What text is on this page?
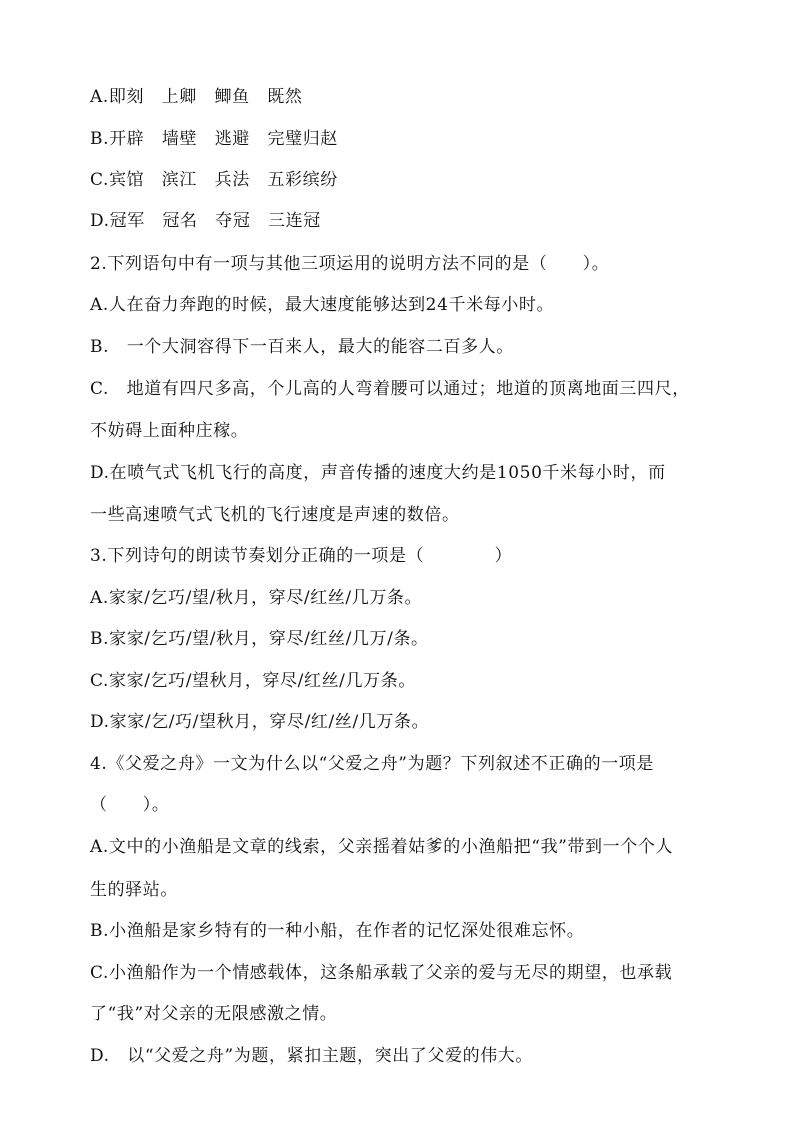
A.即刻　上卿　鲫鱼　既然
B.开辟　墙壁　逃避　完璧归赵
C.宾馆　滨江　兵法　五彩缤纷
D.冠军　冠名　夺冠　三连冠
2.下列语句中有一项与其他三项运用的说明方法不同的是（　　）。
A.人在奋力奔跑的时候，最大速度能够达到24千米每小时。
B.　一个大洞容得下一百来人，最大的能容二百多人。
C.　地道有四尺多高，个儿高的人弯着腰可以通过；地道的顶离地面三四尺，
不妨碍上面种庄稼。
D.在喷气式飞机飞行的高度，声音传播的速度大约是1050千米每小时，而
一些高速喷气式飞机的飞行速度是声速的数倍。
3.下列诗句的朗读节奏划分正确的一项是（　　　　）
A.家家/乞巧/望/秋月，穿尽/红丝/几万条。
B.家家/乞巧/望/秋月，穿尽/红丝/几万/条。
C.家家/乞巧/望秋月，穿尽/红丝/几万条。
D.家家/乞/巧/望秋月，穿尽/红/丝/几万条。
4.《父爱之舟》一文为什么以“父爱之舟”为题？下列叙述不正确的一项是
（　　）。
A.文中的小渔船是文章的线索，父亲摇着姑爹的小渔船把“我”带到一个个人
生的驿站。
B.小渔船是家乡特有的一种小船，在作者的记忆深处很难忘怀。
C.小渔船作为一个情感载体，这条船承载了父亲的爱与无尽的期望，也承载
了“我”对父亲的无限感激之情。
D.　以“父爱之舟”为题，紧扣主题，突出了父爱的伟大。
